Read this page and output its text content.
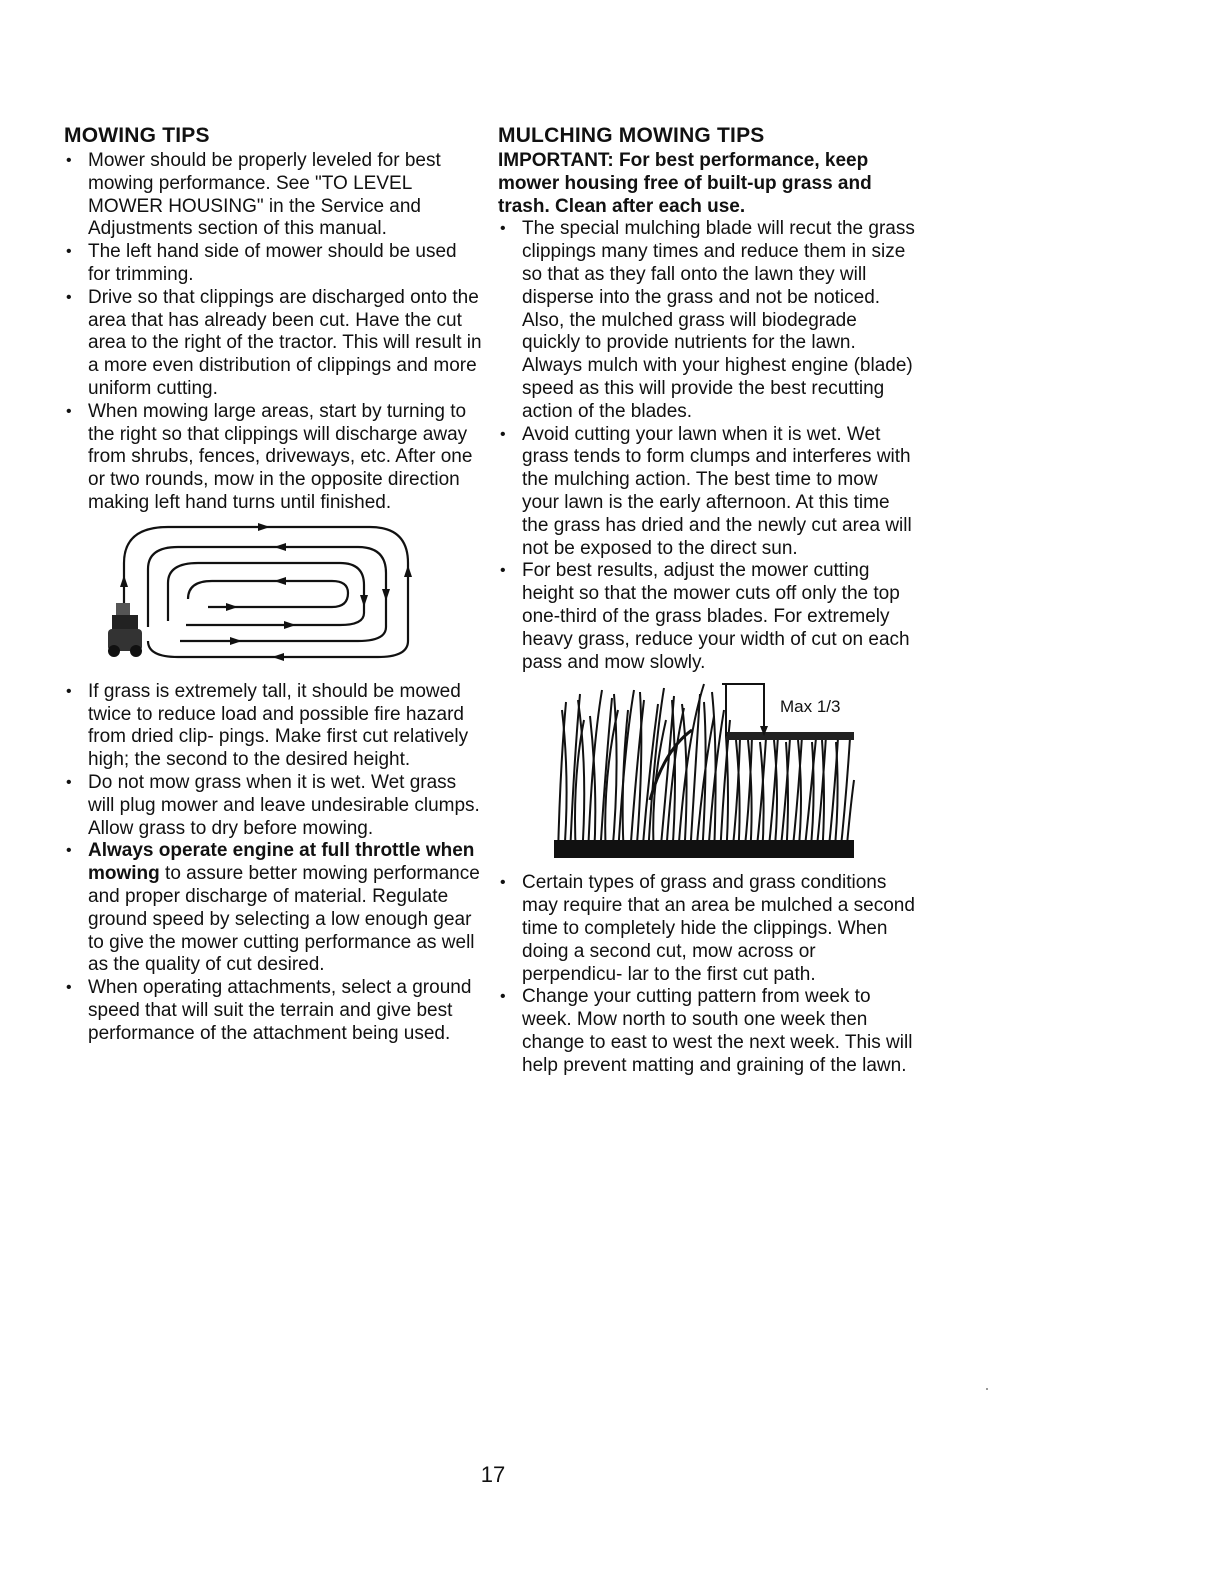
MOWING TIPS
• Mower should be properly leveled for best mowing performance. See "TO LEVEL MOWER HOUSING" in the Service and Adjustments section of this manual.
• The left hand side of mower should be used for trimming.
• Drive so that clippings are discharged onto the area that has already been cut. Have the cut area to the right of the tractor. This will result in a more even distribution of clippings and more uniform cutting.
• When mowing large areas, start by turning to the right so that clippings will discharge away from shrubs, fences, driveways, etc. After one or two rounds, mow in the opposite direction making left hand turns until finished.
• If grass is extremely tall, it should be mowed twice to reduce load and possible fire hazard from dried clip- pings. Make first cut relatively high; the second to the desired height.
• Do not mow grass when it is wet. Wet grass will plug mower and leave undesirable clumps. Allow grass to dry before mowing.
• Always operate engine at full throttle when mowing to assure better mowing performance and proper discharge of material. Regulate ground speed by selecting a low enough gear to give the mower cutting performance as well as the quality of cut desired.
• When operating attachments, select a ground speed that will suit the terrain and give best performance of the attachment being used.
MULCHING MOWING TIPS

IMPORTANT: For best performance, keep mower housing free of built-up grass and trash. Clean after each use.

• The special mulching blade will recut the grass clippings many times and reduce them in size so that as they fall onto the lawn they will disperse into the grass and not be noticed. Also, the mulched grass will biodegrade quickly to provide nutrients for the lawn. Always mulch with your highest engine (blade) speed as this will provide the best recutting action of the blades.
• Avoid cutting your lawn when it is wet. Wet grass tends to form clumps and interferes with the mulching action. The best time to mow your lawn is the early afternoon. At this time the grass has dried and the newly cut area will not be exposed to the direct sun.
• For best results, adjust the mower cutting height so that the mower cuts off only the top one-third of the grass blades. For extremely heavy grass, reduce your width of cut on each pass and mow slowly.
Max 1/3
• Certain types of grass and grass conditions may require that an area be mulched a second time to completely hide the clippings. When doing a second cut, mow across or perpendicu- lar to the first cut path.
• Change your cutting pattern from week to week. Mow north to south one week then change to east to west the next week. This will help prevent matting and graining of the lawn.
17
